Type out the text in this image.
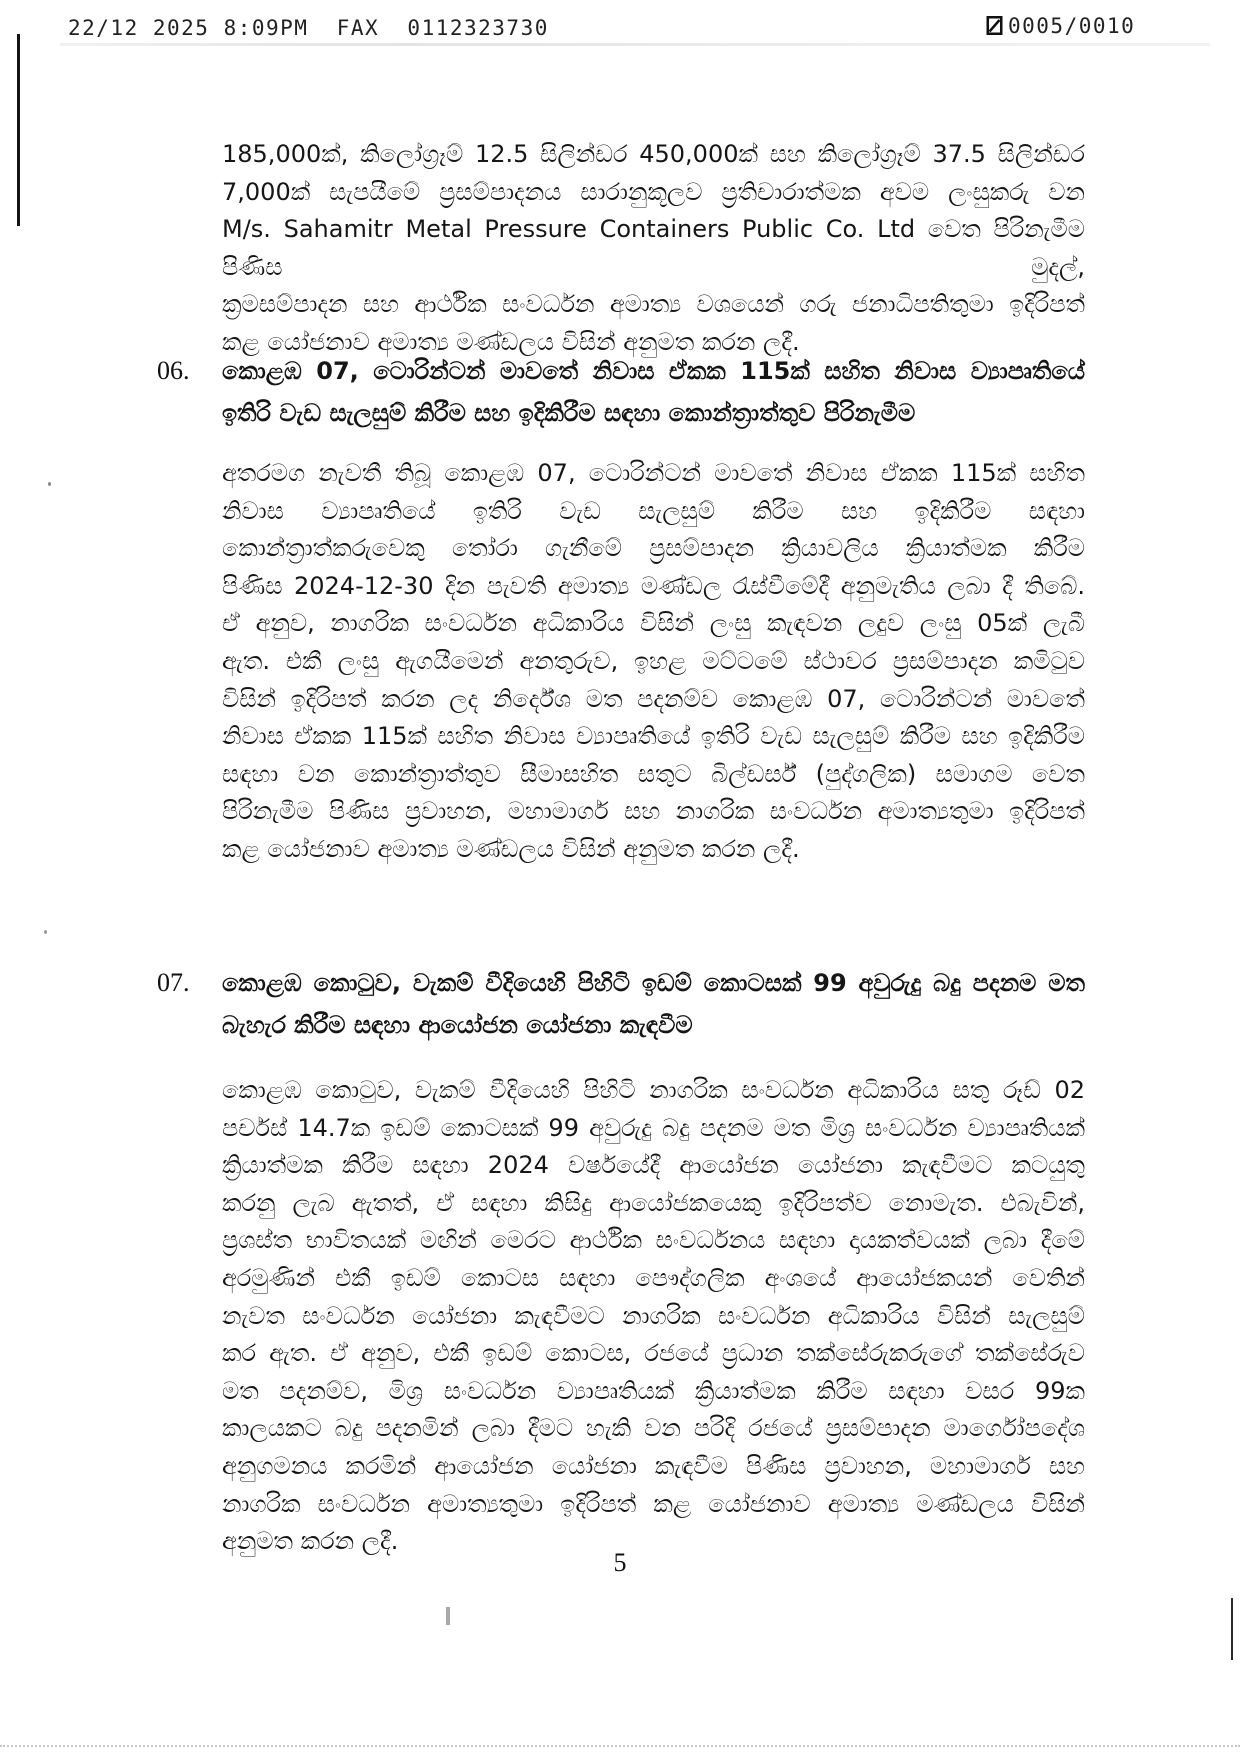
22/12 2025 8:09PM  FAX  0112323730	0005/0010
185,000ක්, කිලෝග්‍රෑම් 12.5 සිලින්ඩර 450,000ක් සහ කිලෝග්‍රෑම් 37.5 සිලින්ඩර
7,000ක් සැපයීමේ ප්‍රසම්පාදනය සාරානුකූලව ප්‍රතිචාරාත්මක අවම ලංසුකරු වන
M/s. Sahamitr Metal Pressure Containers Public Co. Ltd වෙත පිරිනැමීම පිණිස මුදල්,
ක්‍රමසම්පාදන සහ ආර්ථික සංවර්ධන අමාත්‍ය වශයෙන් ගරු ජනාධිපතිතුමා ඉදිරිපත්
කළ යෝජනාව අමාත්‍ය මණ්ඩලය විසින් අනුමත කරන ලදී.
06. කොළඹ 07, ටොරින්ටන් මාවතේ නිවාස ඒකක 115ක් සහිත නිවාස ව්‍යාපෘතියේ
ඉතිරි වැඩ සැලසුම් කිරීම සහ ඉදිකිරීම සඳහා කොන්ත්‍රාත්තුව පිරිනැමීම
අතරමග නැවතී තිබූ කොළඹ 07, ටොරින්ටන් මාවතේ නිවාස ඒකක 115ක් සහිත
නිවාස ව්‍යාපෘතියේ ඉතිරි වැඩ සැලසුම් කිරීම සහ ඉදිකිරීම සඳහා
කොන්ත්‍රාත්කරුවෙකු තෝරා ගැනීමේ ප්‍රසම්පාදන ක්‍රියාවලිය ක්‍රියාත්මක කිරීම
පිණිස 2024-12-30 දින පැවති අමාත්‍ය මණ්ඩල රැස්වීමේදී අනුමැතිය ලබා දී තිබේ.
ඒ අනුව, නාගරික සංවර්ධන අධිකාරිය විසින් ලංසු කැඳවන ලදුව ලංසු 05ක් ලැබී
ඇත. එකී ලංසු ඇගයීමෙන් අනතුරුව, ඉහළ මට්ටමේ ස්ථාවර ප්‍රසම්පාදන කමිටුව
විසින් ඉදිරිපත් කරන ලද නිර්දේශ මත පදනම්ව කොළඹ 07, ටොරින්ටන් මාවතේ
නිවාස ඒකක 115ක් සහිත නිවාස ව්‍යාපෘතියේ ඉතිරි වැඩ සැලසුම් කිරීම සහ ඉදිකිරීම
සඳහා වන කොන්ත්‍රාත්තුව සීමාසහිත සතුට බිල්ඩර්ස් (පුද්ගලික) සමාගම වෙත
පිරිනැමීම පිණිස ප්‍රවාහන, මහාමාර්ග සහ නාගරික සංවර්ධන අමාත්‍යතුමා ඉදිරිපත්
කළ යෝජනාව අමාත්‍ය මණ්ඩලය විසින් අනුමත කරන ලදී.
07. කොළඹ කොටුව, වැකම් වීදියෙහි පිහිටි ඉඩම් කොටසක් 99 අවුරුදු බදු පදනම මත
බැහැර කිරීම සඳහා ආයෝජන යෝජනා කැඳවීම
කොළඹ කොටුව, වැකම් වීදියෙහි පිහිටි නාගරික සංවර්ධන අධිකාරිය සතු රූඩ් 02
පර්චස් 14.7ක ඉඩම් කොටසක් 99 අවුරුදු බදු පදනම මත මිශ්‍ර සංවර්ධන ව්‍යාපෘතියක්
ක්‍රියාත්මක කිරීම සඳහා 2024 වර්ෂයේදී ආයෝජන යෝජනා කැඳවීමට කටයුතු
කරනු ලැබ ඇතත්, ඒ සඳහා කිසිදු ආයෝජකයෙකු ඉදිරිපත්ව නොමැත. එබැවින්,
ප්‍රශස්ත භාවිතයක් මඟින් මෙරට ආර්ථික සංවර්ධනය සඳහා දායකත්වයක් ලබා දීමේ
අරමුණින් එකී ඉඩම් කොටස සඳහා පෞද්ගලික අංශයේ ආයෝජකයන් වෙතින්
නැවත සංවර්ධන යෝජනා කැඳවීමට නාගරික සංවර්ධන අධිකාරිය විසින් සැලසුම්
කර ඇත. ඒ අනුව, එකී ඉඩම් කොටස, රජයේ ප්‍රධාන තක්සේරුකරුගේ තක්සේරුව
මත පදනම්ව, මිශ්‍ර සංවර්ධන ව්‍යාපෘතියක් ක්‍රියාත්මක කිරීම සඳහා වසර 99ක
කාලයකට බදු පදනමින් ලබා දීමට හැකි වන පරිදි රජයේ ප්‍රසම්පාදන මාර්ගෝපදේශ
අනුගමනය කරමින් ආයෝජන යෝජනා කැඳවීම පිණිස ප්‍රවාහන, මහාමාර්ග සහ
නාගරික සංවර්ධන අමාත්‍යතුමා ඉදිරිපත් කළ යෝජනාව අමාත්‍ය මණ්ඩලය විසින්
අනුමත කරන ලදී.
5
